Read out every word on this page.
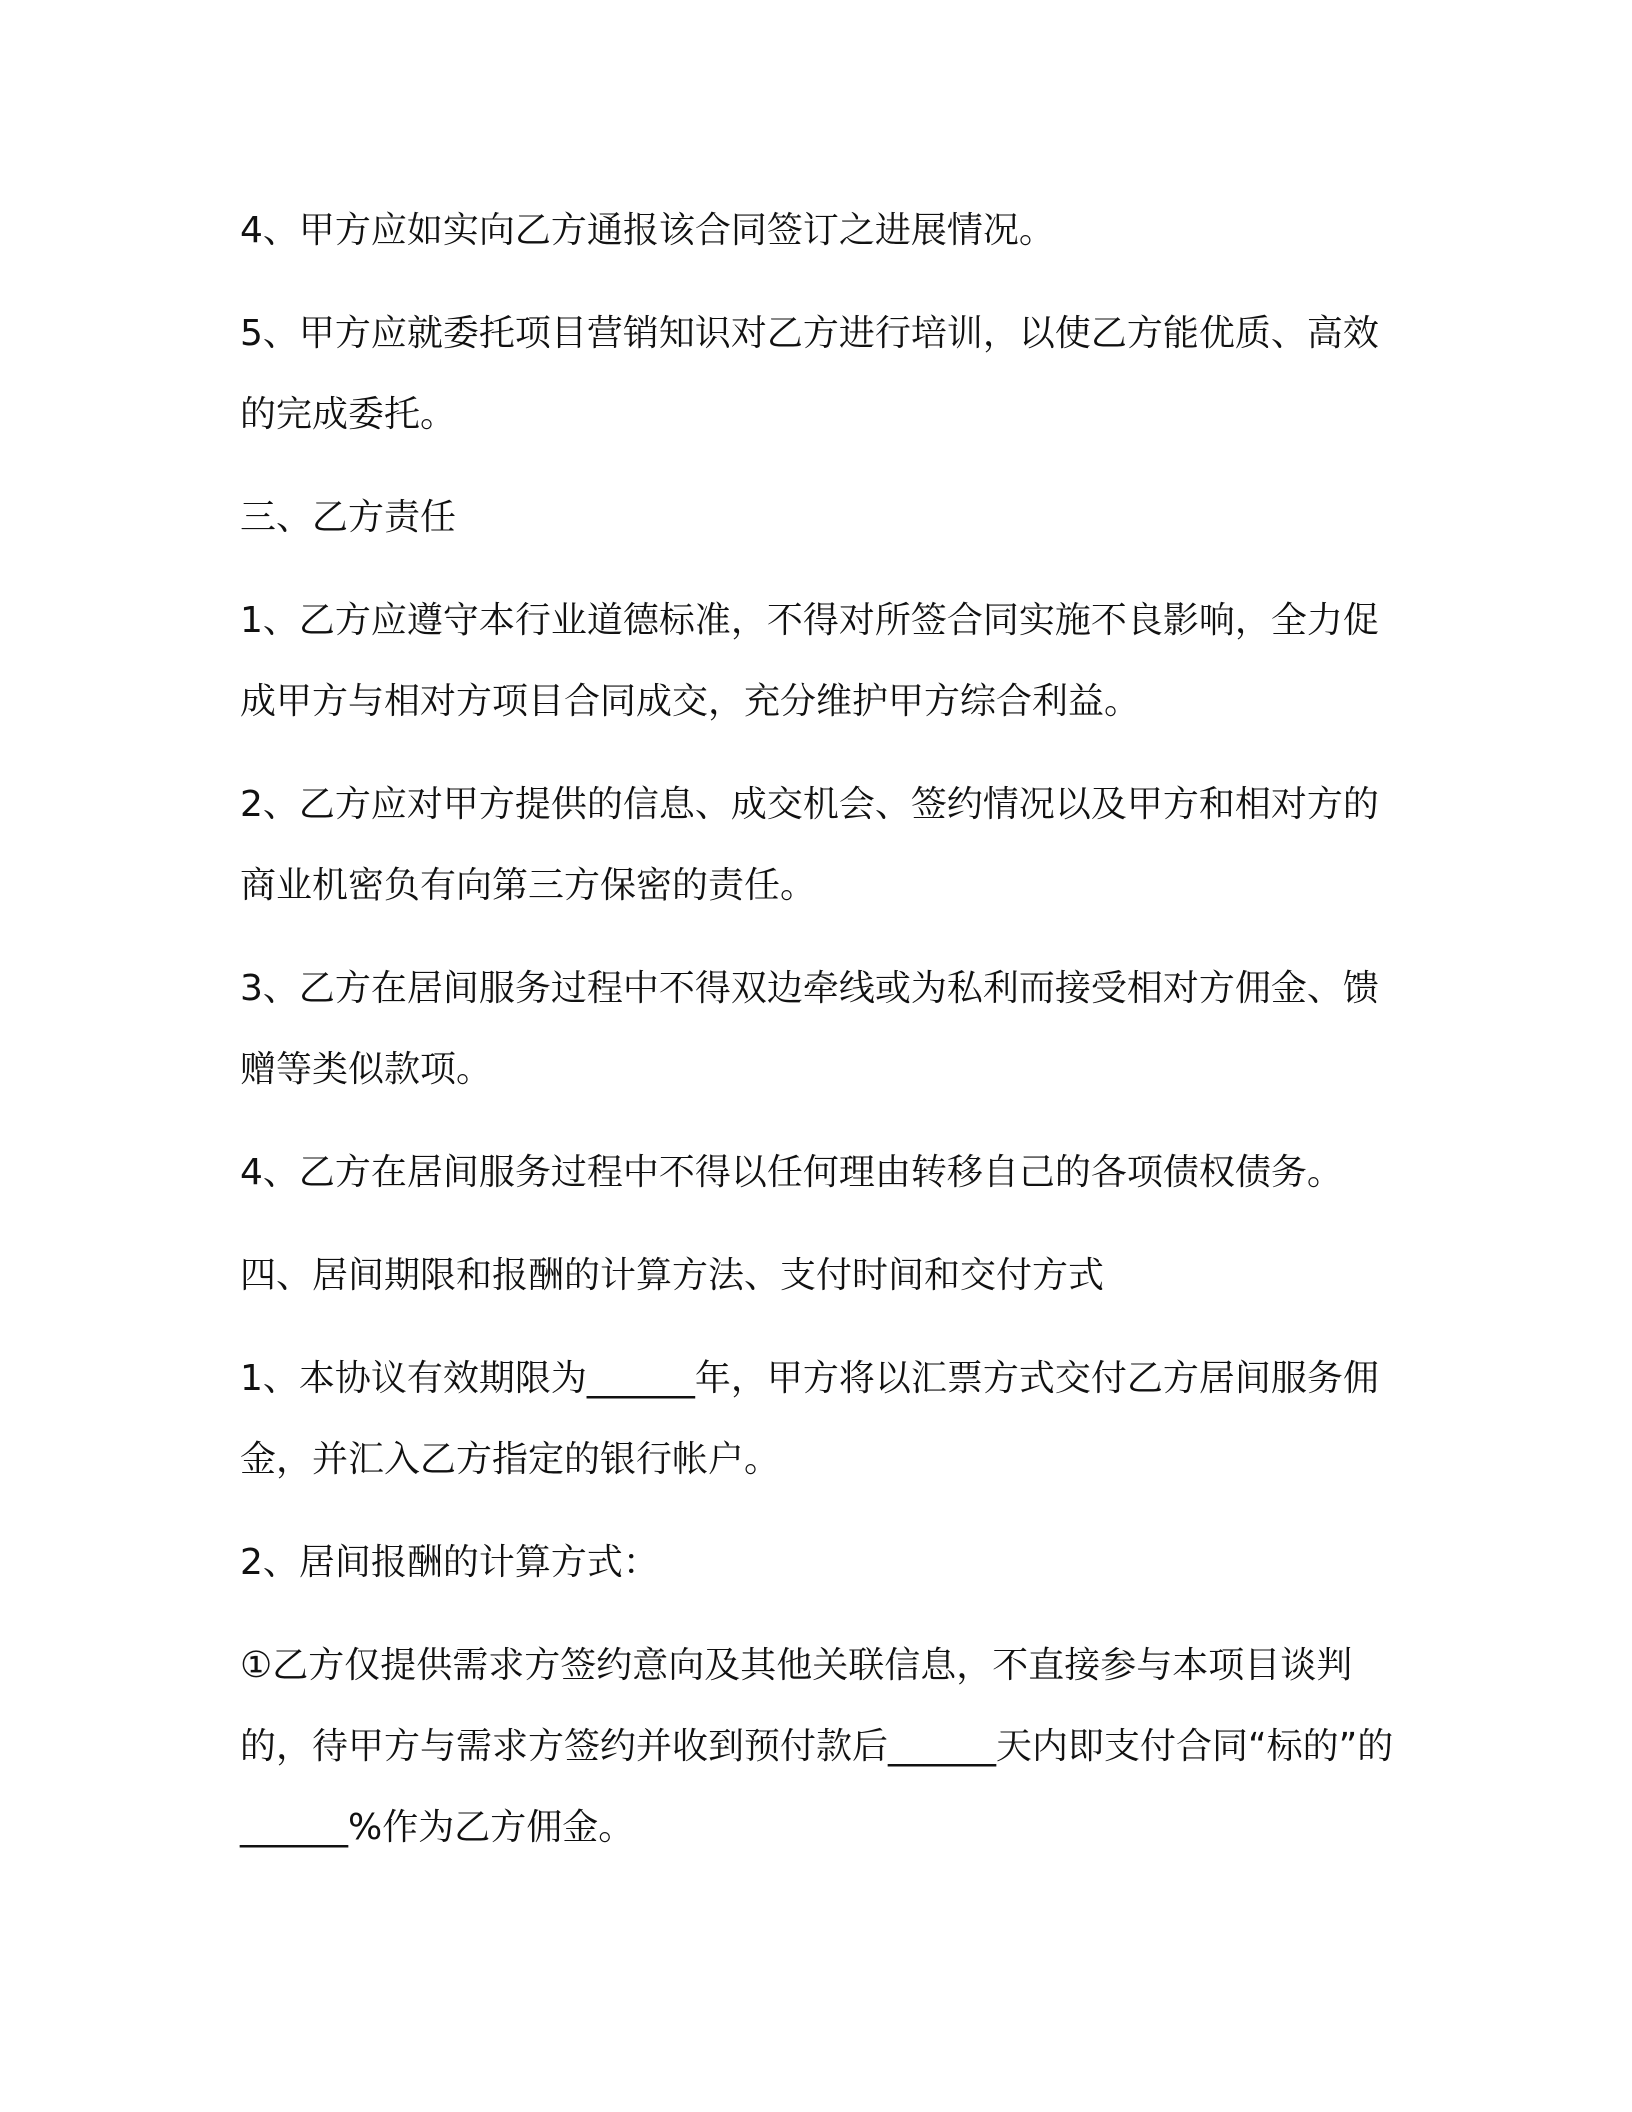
4、甲方应如实向乙方通报该合同签订之进展情况。

5、甲方应就委托项目营销知识对乙方进行培训，以使乙方能优质、高效的完成委托。

三、乙方责任

1、乙方应遵守本行业道德标准，不得对所签合同实施不良影响，全力促成甲方与相对方项目合同成交，充分维护甲方综合利益。

2、乙方应对甲方提供的信息、成交机会、签约情况以及甲方和相对方的商业机密负有向第三方保密的责任。

3、乙方在居间服务过程中不得双边牵线或为私利而接受相对方佣金、馈赠等类似款项。

4、乙方在居间服务过程中不得以任何理由转移自己的各项债权债务。

四、居间期限和报酬的计算方法、支付时间和交付方式

1、本协议有效期限为______年，甲方将以汇票方式交付乙方居间服务佣金，并汇入乙方指定的银行帐户。

2、居间报酬的计算方式：

①乙方仅提供需求方签约意向及其他关联信息，不直接参与本项目谈判的，待甲方与需求方签约并收到预付款后______天内即支付合同“标的”的______%作为乙方佣金。
